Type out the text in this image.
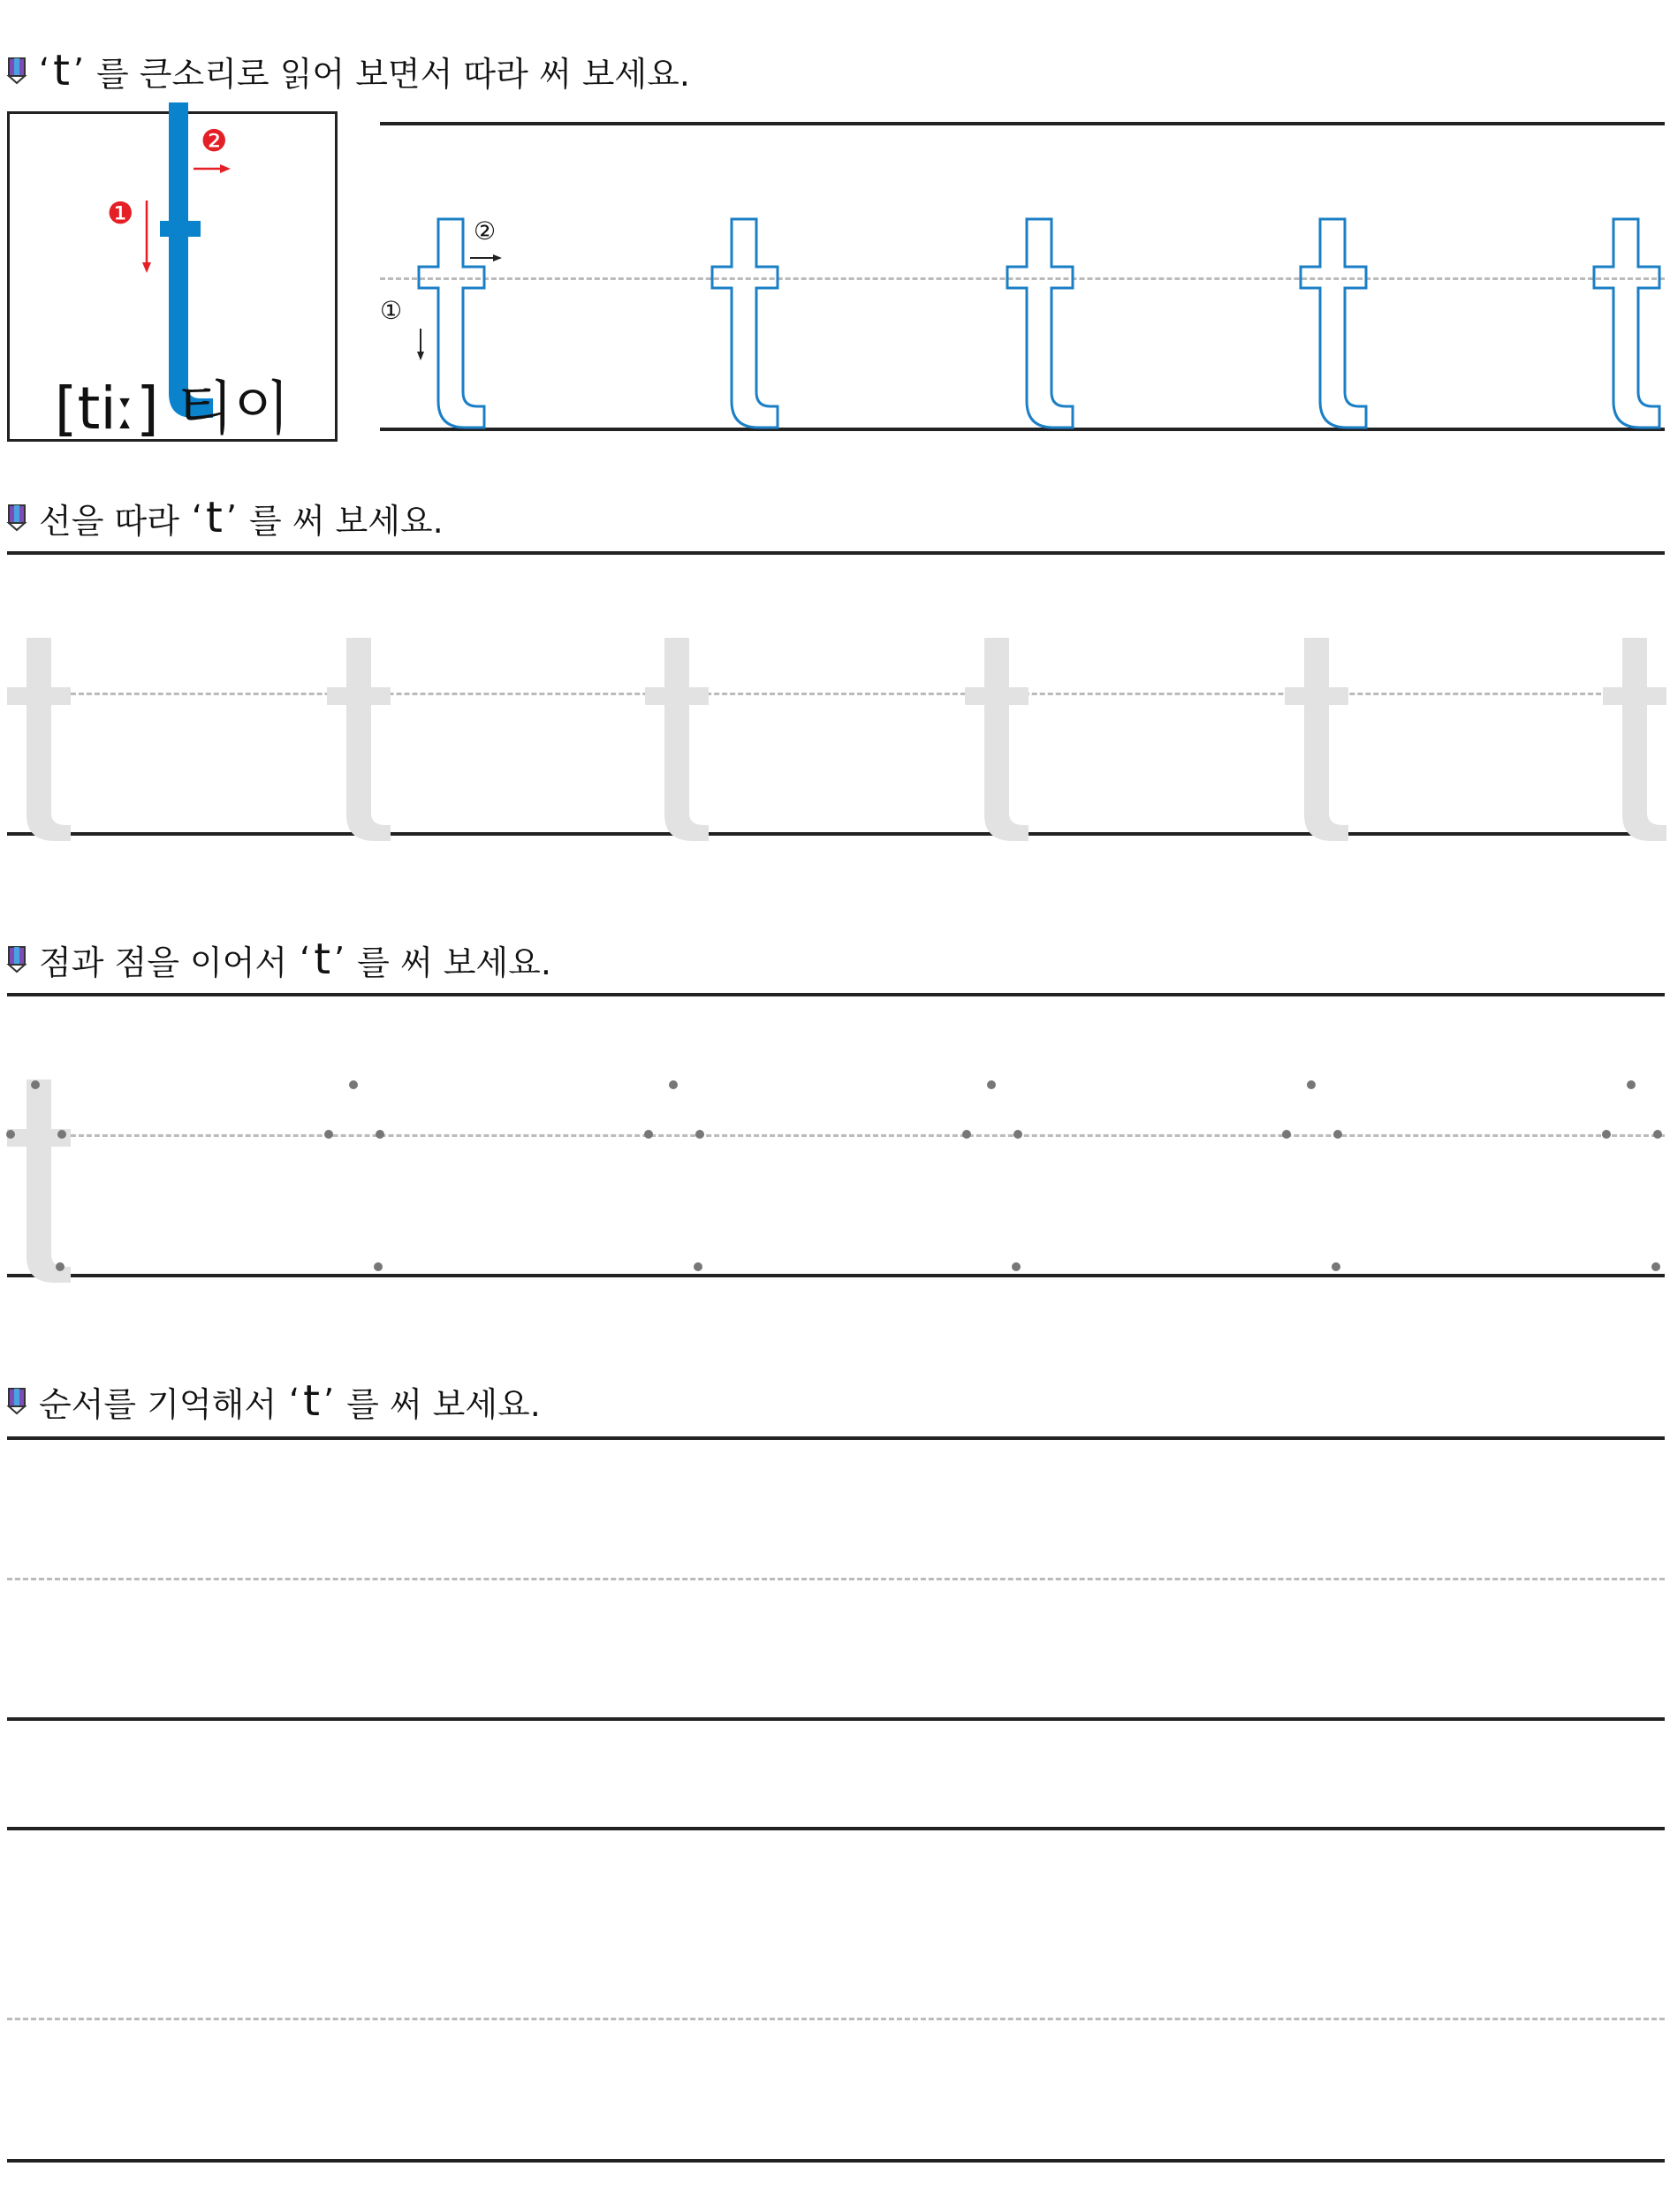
‘ t ’ 를 큰소리로 읽어 보면서 따라 써 보세요.
❶
❷
[tiː] 티이
①
②
선을 따라 ‘ t ’ 를 써 보세요.
점과 점을 이어서 ‘ t ’ 를 써 보세요.
순서를 기억해서 ‘ t ’ 를 써 보세요.
